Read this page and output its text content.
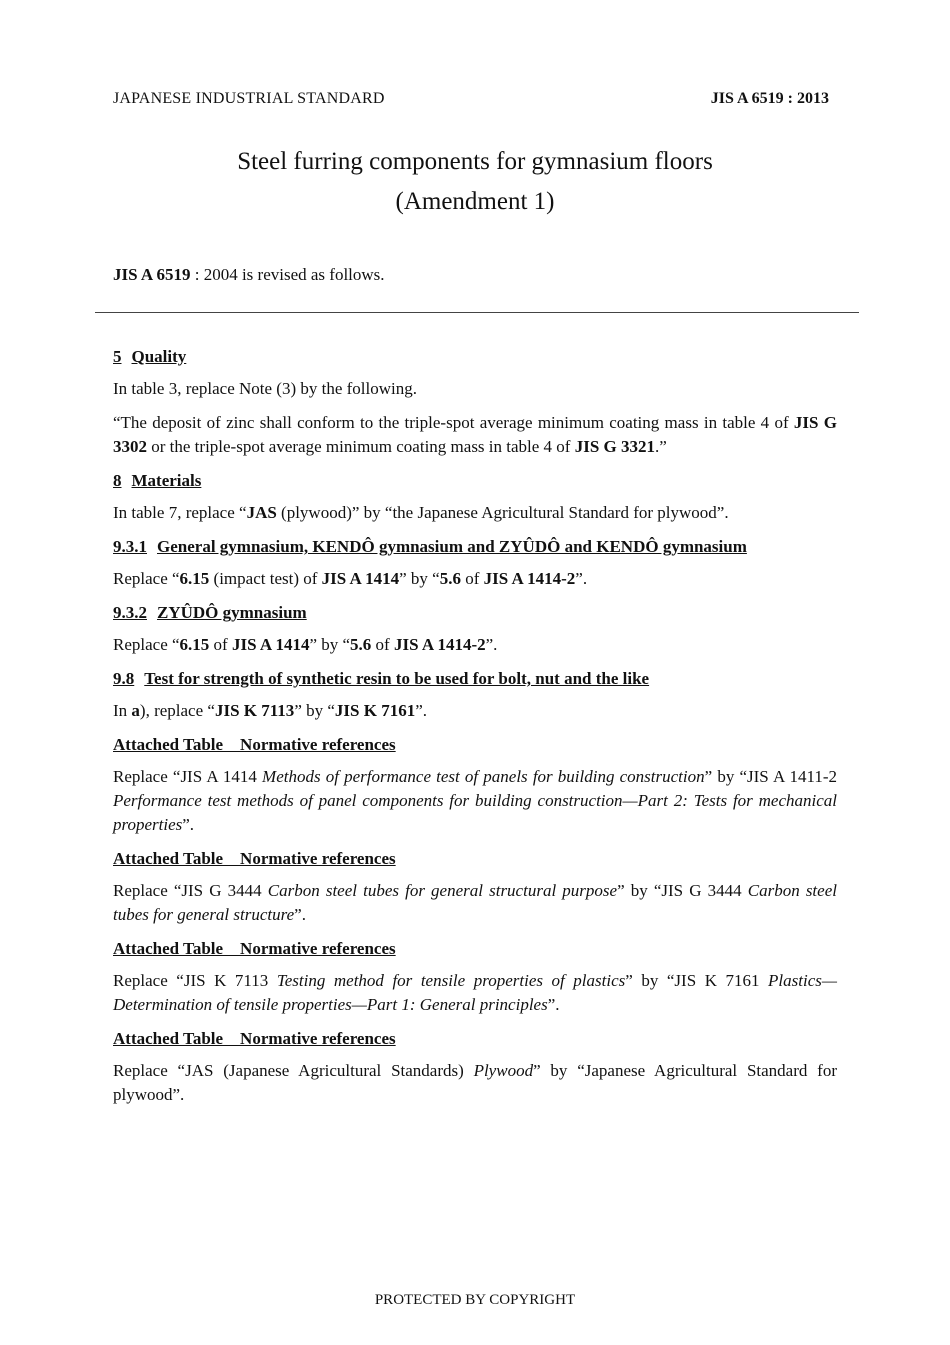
JAPANESE INDUSTRIAL STANDARD	JIS A 6519 : 2013
Steel furring components for gymnasium floors
(Amendment 1)
JIS A 6519 : 2004 is revised as follows.
5 Quality

In table 3, replace Note (3) by the following.

“The deposit of zinc shall conform to the triple-spot average minimum coating mass in table 4 of JIS G 3302 or the triple-spot average minimum coating mass in table 4 of JIS G 3321.”

8 Materials

In table 7, replace “JAS (plywood)” by “the Japanese Agricultural Standard for plywood”.

9.3.1 General gymnasium, KENDÔ gymnasium and ZYÛDÔ and KENDÔ gymnasium

Replace “6.15 (impact test) of JIS A 1414” by “5.6 of JIS A 1414-2”.

9.3.2 ZYÛDÔ gymnasium

Replace “6.15 of JIS A 1414” by “5.6 of JIS A 1414-2”.

9.8 Test for strength of synthetic resin to be used for bolt, nut and the like

In a), replace “JIS K 7113” by “JIS K 7161”.

Attached Table    Normative references

Replace “JIS A 1414 Methods of performance test of panels for building construction” by “JIS A 1411-2 Performance test methods of panel components for building construction—Part 2: Tests for mechanical properties”.

Attached Table    Normative references

Replace “JIS G 3444 Carbon steel tubes for general structural purpose” by “JIS G 3444 Carbon steel tubes for general structure”.

Attached Table    Normative references

Replace “JIS K 7113 Testing method for tensile properties of plastics” by “JIS K 7161 Plastics—Determination of tensile properties—Part 1: General principles”.

Attached Table    Normative references

Replace “JAS (Japanese Agricultural Standards) Plywood” by “Japanese Agricultural Standard for plywood”.

PROTECTED BY COPYRIGHT
